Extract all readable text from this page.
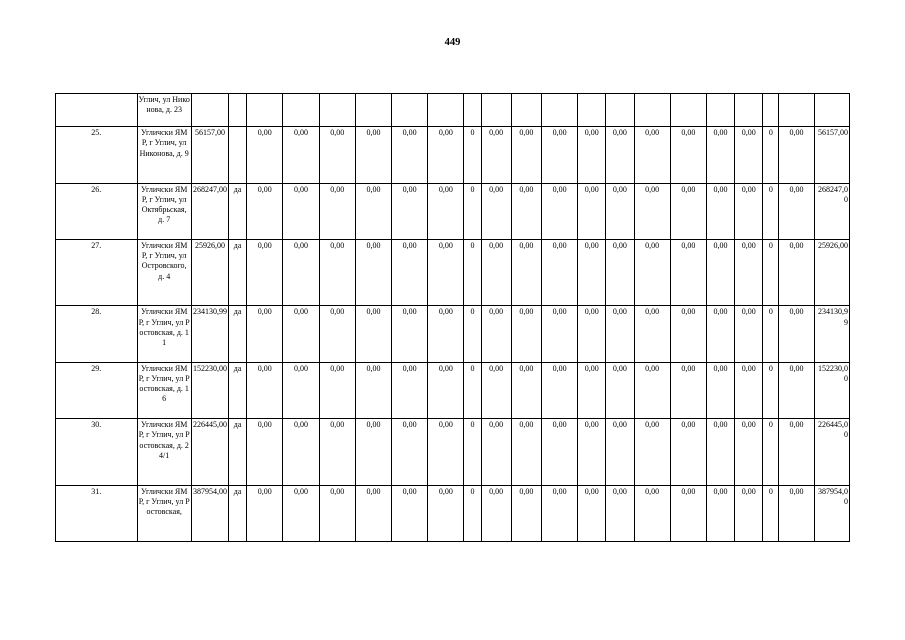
449
	Углич, ул Никонова, д. 23																					
25.	Угличски ЯМР, г Углич, ул Никонова, д. 9	56157,00		0,00	0,00	0,00	0,00	0,00	0,00	0	0,00	0,00	0,00	0,00	0,00	0,00	0,00	0,00	0,00	0	0,00	56157,00
26.	Угличски ЯМР, г Углич, ул Октябрьская, д. 7	268247,00	да	0,00	0,00	0,00	0,00	0,00	0,00	0	0,00	0,00	0,00	0,00	0,00	0,00	0,00	0,00	0,00	0	0,00	268247,00
27.	Угличски ЯМР, г Углич, ул Островского, д. 4	25926,00	да	0,00	0,00	0,00	0,00	0,00	0,00	0	0,00	0,00	0,00	0,00	0,00	0,00	0,00	0,00	0,00	0	0,00	25926,00
28.	Угличски ЯМР, г Углич, ул Ростовская, д. 11	234130,99	да	0,00	0,00	0,00	0,00	0,00	0,00	0	0,00	0,00	0,00	0,00	0,00	0,00	0,00	0,00	0,00	0	0,00	234130,99
29.	Угличски ЯМР, г Углич, ул Ростовская, д. 16	152230,00	да	0,00	0,00	0,00	0,00	0,00	0,00	0	0,00	0,00	0,00	0,00	0,00	0,00	0,00	0,00	0,00	0	0,00	152230,00
30.	Угличски ЯМР, г Углич, ул Ростовская, д. 24/1	226445,00	да	0,00	0,00	0,00	0,00	0,00	0,00	0	0,00	0,00	0,00	0,00	0,00	0,00	0,00	0,00	0,00	0	0,00	226445,00
31.	Угличски ЯМР, г Углич, ул Ростовская,	387954,00	да	0,00	0,00	0,00	0,00	0,00	0,00	0	0,00	0,00	0,00	0,00	0,00	0,00	0,00	0,00	0,00	0	0,00	387954,00
